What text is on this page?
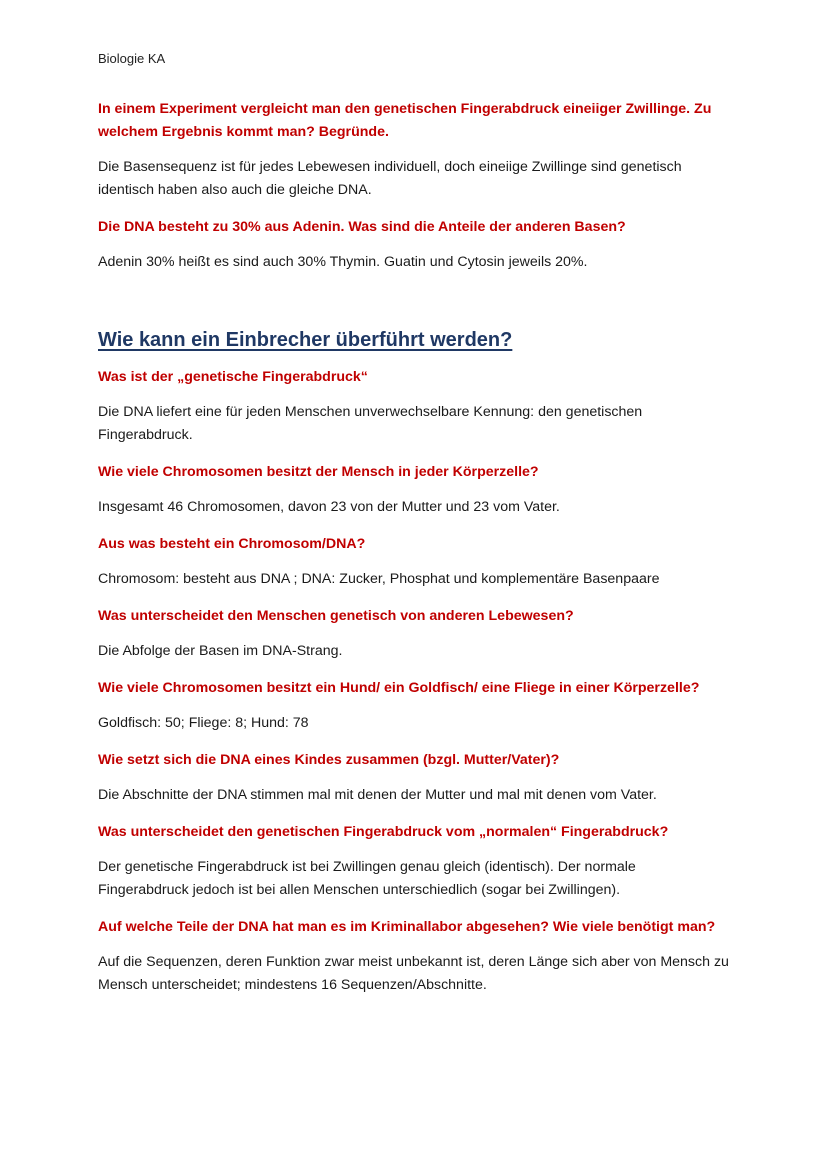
Biologie KA

In einem Experiment vergleicht man den genetischen Fingerabdruck eineiiger Zwillinge. Zu welchem Ergebnis kommt man? Begründe.

Die Basensequenz ist für jedes Lebewesen individuell, doch eineiige Zwillinge sind genetisch identisch haben also auch die gleiche DNA.

Die DNA besteht zu 30% aus Adenin. Was sind die Anteile der anderen Basen?

Adenin 30% heißt es sind auch 30% Thymin. Guatin und Cytosin jeweils 20%.

Wie kann ein Einbrecher überführt werden?

Was ist der „genetische Fingerabdruck“

Die DNA liefert eine für jeden Menschen unverwechselbare Kennung: den genetischen Fingerabdruck.

Wie viele Chromosomen besitzt der Mensch in jeder Körperzelle?

Insgesamt 46 Chromosomen, davon 23 von der Mutter und 23 vom Vater.

Aus was besteht ein Chromosom/DNA?

Chromosom: besteht aus DNA ; DNA: Zucker, Phosphat und komplementäre Basenpaare

Was unterscheidet den Menschen genetisch von anderen Lebewesen?

Die Abfolge der Basen im DNA-Strang.

Wie viele Chromosomen besitzt ein Hund/ ein Goldfisch/ eine Fliege in einer Körperzelle?

Goldfisch: 50; Fliege: 8; Hund: 78

Wie setzt sich die DNA eines Kindes zusammen (bzgl. Mutter/Vater)?

Die Abschnitte der DNA stimmen mal mit denen der Mutter und mal mit denen vom Vater.

Was unterscheidet den genetischen Fingerabdruck vom „normalen“ Fingerabdruck?

Der genetische Fingerabdruck ist bei Zwillingen genau gleich (identisch). Der normale Fingerabdruck jedoch ist bei allen Menschen unterschiedlich (sogar bei Zwillingen).

Auf welche Teile der DNA hat man es im Kriminallabor abgesehen? Wie viele benötigt man?

Auf die Sequenzen, deren Funktion zwar meist unbekannt ist, deren Länge sich aber von Mensch zu Mensch unterscheidet; mindestens 16 Sequenzen/Abschnitte.
